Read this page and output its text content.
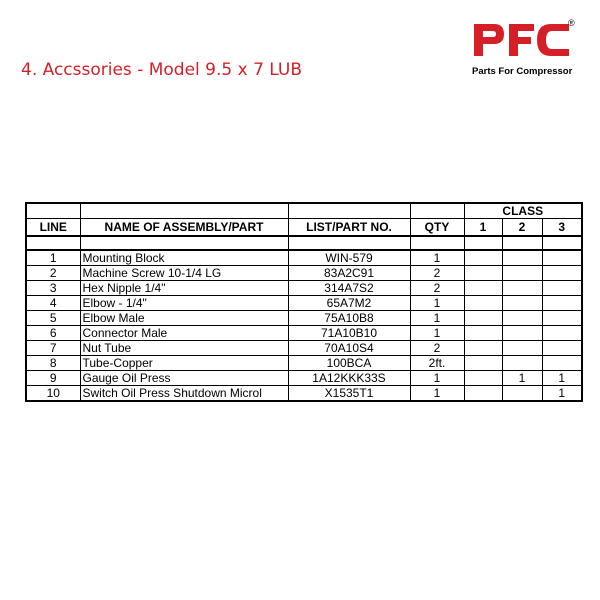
4. Accssories - Model 9.5 x 7 LUB
®
Parts For Compressor
				CLASS		
LINE	NAME OF ASSEMBLY/PART	LIST/PART NO.	QTY	1	2	3

1	Mounting Block	WIN-579	1			
2	Machine Screw 10-1/4 LG	83A2C91	2			
3	Hex Nipple 1/4"	314A7S2	2			
4	Elbow - 1/4"	65A7M2	1			
5	Elbow Male	75A10B8	1			
6	Connector Male	71A10B10	1			
7	Nut Tube	70A10S4	2			
8	Tube-Copper	100BCA	2ft.			
9	Gauge Oil Press	1A12KKK33S	1		1	1
10	Switch Oil Press Shutdown Microl	X1535T1	1			1
